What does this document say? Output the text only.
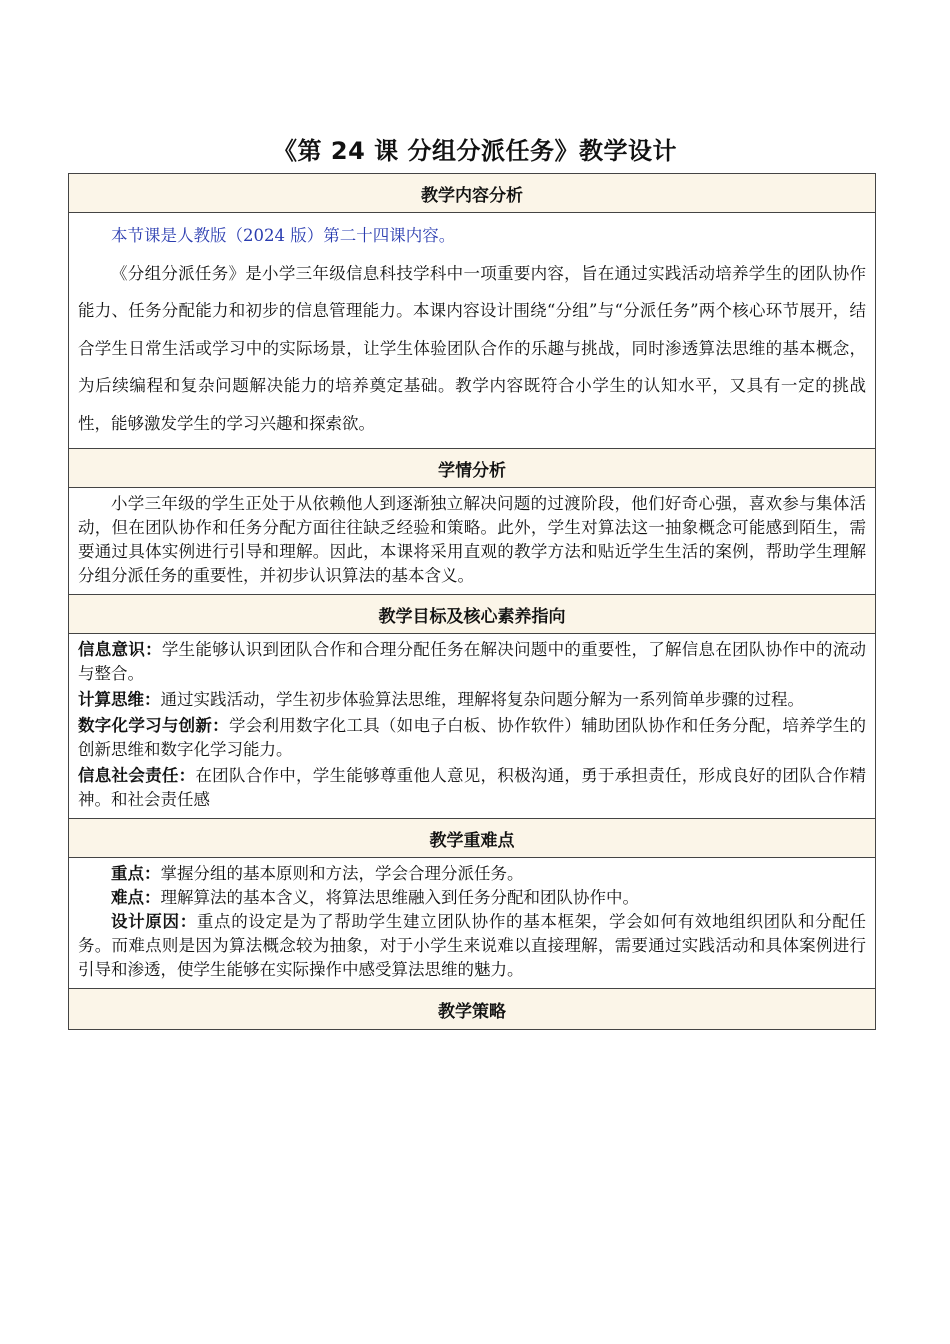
《第 24 课 分组分派任务》教学设计
教学内容分析

本节课是人教版（2024 版）第二十四课内容。

《分组分派任务》是小学三年级信息科技学科中一项重要内容，旨在通过实践活动培养学生的团队协作能力、任务分配能力和初步的信息管理能力。本课内容设计围绕“分组”与“分派任务”两个核心环节展开，结合学生日常生活或学习中的实际场景，让学生体验团队合作的乐趣与挑战，同时渗透算法思维的基本概念，为后续编程和复杂问题解决能力的培养奠定基础。教学内容既符合小学生的认知水平，又具有一定的挑战性，能够激发学生的学习兴趣和探索欲。

学情分析

小学三年级的学生正处于从依赖他人到逐渐独立解决问题的过渡阶段，他们好奇心强，喜欢参与集体活动，但在团队协作和任务分配方面往往缺乏经验和策略。此外，学生对算法这一抽象概念可能感到陌生，需要通过具体实例进行引导和理解。因此，本课将采用直观的教学方法和贴近学生生活的案例，帮助学生理解分组分派任务的重要性，并初步认识算法的基本含义。

教学目标及核心素养指向

信息意识：学生能够认识到团队合作和合理分配任务在解决问题中的重要性，了解信息在团队协作中的流动与整合。

计算思维：通过实践活动，学生初步体验算法思维，理解将复杂问题分解为一系列简单步骤的过程。

数字化学习与创新：学会利用数字化工具（如电子白板、协作软件）辅助团队协作和任务分配，培养学生的创新思维和数字化学习能力。

信息社会责任：在团队合作中，学生能够尊重他人意见，积极沟通，勇于承担责任，形成良好的团队合作精神。和社会责任感

教学重难点

重点：掌握分组的基本原则和方法，学会合理分派任务。

难点：理解算法的基本含义，将算法思维融入到任务分配和团队协作中。

设计原因：重点的设定是为了帮助学生建立团队协作的基本框架，学会如何有效地组织团队和分配任务。而难点则是因为算法概念较为抽象，对于小学生来说难以直接理解，需要通过实践活动和具体案例进行引导和渗透，使学生能够在实际操作中感受算法思维的魅力。

教学策略
